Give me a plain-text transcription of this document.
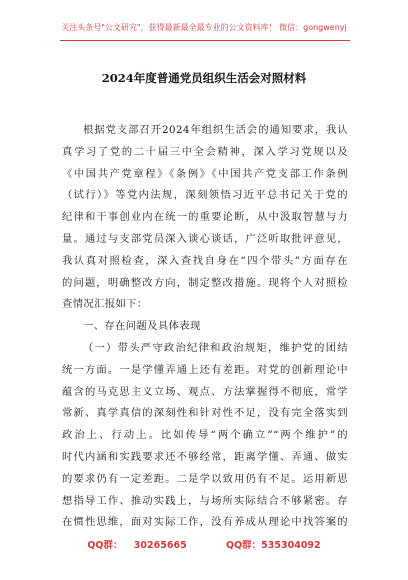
关注头条号"公文研究"，获得最新最全最专业的公文资料库！ 微信：gongwenyj
2024年度普通党员组织生活会对照材料
根据党支部召开2024年组织生活会的通知要求，我认
真学习了党的二十届三中全会精神，深入学习党规以及
《中国共产党章程》《条例》《中国共产党支部工作条例
（试行）》等党内法规，深刻领悟习近平总书记关于党的
纪律和干事创业内在统一的重要论断，从中汲取智慧与力
量。通过与支部党员深入谈心谈话，广泛听取批评意见，
我认真对照检查，深入查找自身在“四个带头”方面存在
的问题，明确整改方向，制定整改措施。现将个人对照检
查情况汇报如下：
一、存在问题及具体表现
（一）带头严守政治纪律和政治规矩，维护党的团结
统一方面。一是学懂弄通上还有差距。对党的创新理论中
蕴含的马克思主义立场、观点、方法掌握得不彻底，常学
常新、真学真信的深刻性和针对性不足，没有完全落实到
政治上、行动上。比如传导“两个确立”“两个维护”的
时代内涵和实践要求还不够经常，距离学懂、弄通、做实
的要求仍有一定差距。二是学以致用仍有不足。运用新思
想指导工作、推动实践上，与场所实际结合不够紧密。存
在惯性思维，面对实际工作，没有养成从理论中找答案的
QQ群： 30265665	QQ群：535304092
